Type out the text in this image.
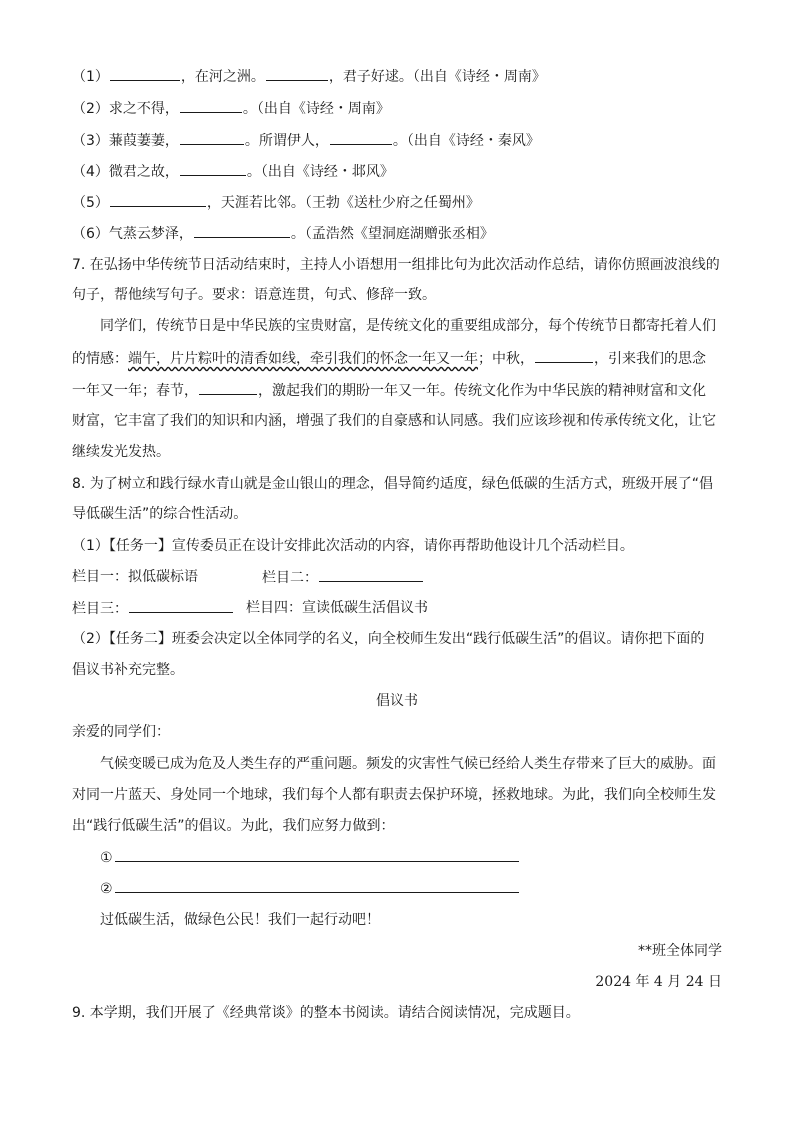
（1）	，在河之洲。	，君子好逑。（出自《诗经・周南》
（2）求之不得，	。（出自《诗经・周南》
（3）蒹葭萋萋，	。所谓伊人，	。（出自《诗经・秦风》
（4）微君之故，	。（出自《诗经・邶风》
（5）	，天涯若比邻。（王勃《送杜少府之任蜀州》
（6）气蒸云梦泽，	。（孟浩然《望洞庭湖赠张丞相》
7. 在弘扬中华传统节日活动结束时，主持人小语想用一组排比句为此次活动作总结，请你仿照画波浪线的
句子，帮他续写句子。要求：语意连贯，句式、修辞一致。
同学们，传统节日是中华民族的宝贵财富，是传统文化的重要组成部分，每个传统节日都寄托着人们
的情感：端午，片片粽叶的清香如线，牵引我们的怀念一年又一年；中秋，	，引来我们的思念
一年又一年；春节，	，激起我们的期盼一年又一年。传统文化作为中华民族的精神财富和文化
财富，它丰富了我们的知识和内涵，增强了我们的自豪感和认同感。我们应该珍视和传承传统文化，让它
继续发光发热。
8. 为了树立和践行绿水青山就是金山银山的理念，倡导简约适度，绿色低碳的生活方式，班级开展了“倡
导低碳生活”的综合性活动。
（1）【任务一】宣传委员正在设计安排此次活动的内容，请你再帮助他设计几个活动栏目。
栏目一：拟低碳标语	栏目二：
栏目三：	栏目四：宣读低碳生活倡议书
（2）【任务二】班委会决定以全体同学的名义，向全校师生发出“践行低碳生活”的倡议。请你把下面的
倡议书补充完整。
倡议书
亲爱的同学们：
气候变暖已成为危及人类生存的严重问题。频发的灾害性气候已经给人类生存带来了巨大的威胁。面
对同一片蓝天、身处同一个地球，我们每个人都有职责去保护环境，拯救地球。为此，我们向全校师生发
出“践行低碳生活”的倡议。为此，我们应努力做到：
①
②
过低碳生活，做绿色公民！我们一起行动吧！
**班全体同学
2024 年 4 月 24 日
9. 本学期，我们开展了《经典常谈》的整本书阅读。请结合阅读情况，完成题目。
